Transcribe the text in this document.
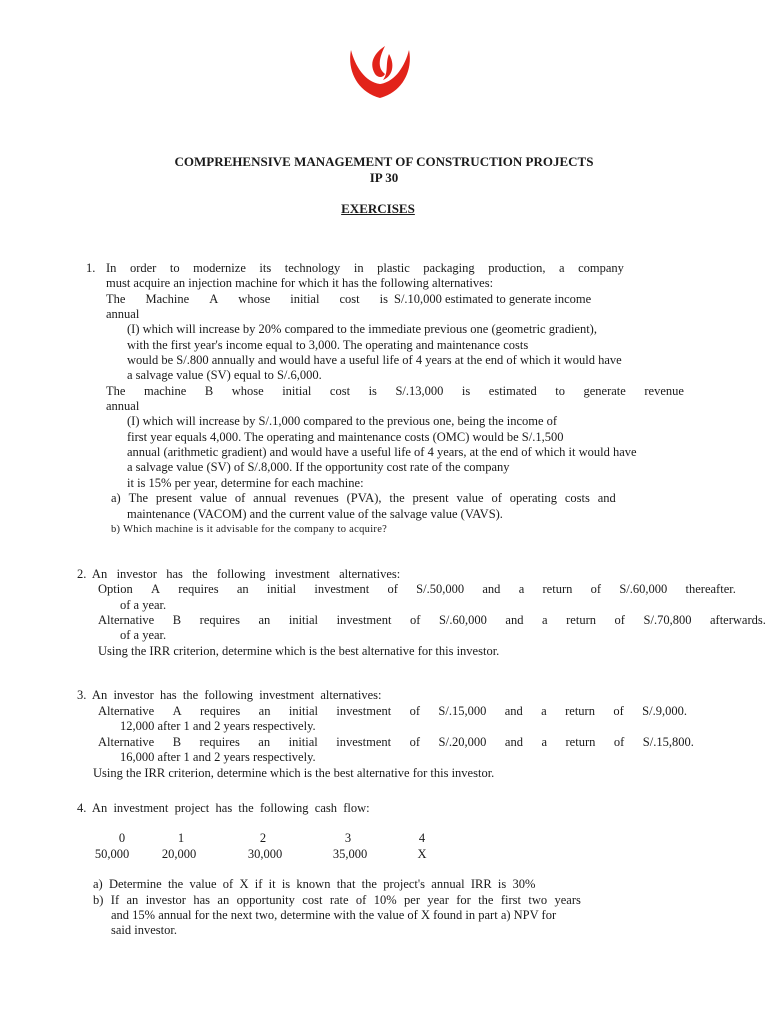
COMPREHENSIVE MANAGEMENT OF CONSTRUCTION PROJECTS
IP 30
EXERCISES
1. In order to modernize its technology in plastic packaging production, a company
must acquire an injection machine for which it has the following alternatives:
The Machine A whose initial cost is S/.10,000 estimated to generate income
annual
(I) which will increase by 20% compared to the immediate previous one (geometric gradient),
with the first year's income equal to 3,000. The operating and maintenance costs
would be S/.800 annually and would have a useful life of 4 years at the end of which it would have
a salvage value (SV) equal to S/.6,000.
The machine B whose initial cost is S/.13,000 is estimated to generate revenue
annual
(I) which will increase by S/.1,000 compared to the previous one, being the income of
first year equals 4,000. The operating and maintenance costs (OMC) would be S/.1,500
annual (arithmetic gradient) and would have a useful life of 4 years, at the end of which it would have
a salvage value (SV) of S/.8,000. If the opportunity cost rate of the company
it is 15% per year, determine for each machine:
a) The present value of annual revenues (PVA), the present value of operating costs and
maintenance (VACOM) and the current value of the salvage value (VAVS).
b) Which machine is it advisable for the company to acquire?
2.  An   investor   has   the   following   investment   alternatives:
Option A requires an initial investment of S/.50,000 and a return of S/.60,000 thereafter.
of a year.
Alternative B requires an initial investment of S/.60,000 and a return of S/.70,800 afterwards.
of a year.
Using the IRR criterion, determine which is the best alternative for this investor.
3.  An  investor  has  the  following  investment  alternatives:
Alternative A requires an initial investment of S/.15,000 and a return of S/.9,000.
12,000 after 1 and 2 years respectively.
Alternative B requires an initial investment of S/.20,000 and a return of S/.15,800.
16,000 after 1 and 2 years respectively.
Using the IRR criterion, determine which is the best alternative for this investor.
4.  An  investment  project  has  the  following  cash  flow:
0	1	2	3	4
50,000	20,000	30,000	35,000	X
a)  Determine  the  value  of  X  if  it  is  known  that  the  project's  annual  IRR  is  30%
b) If an investor has an opportunity cost rate of 10% per year for the first two years
and 15% annual for the next two, determine with the value of X found in part a) NPV for
said investor.
